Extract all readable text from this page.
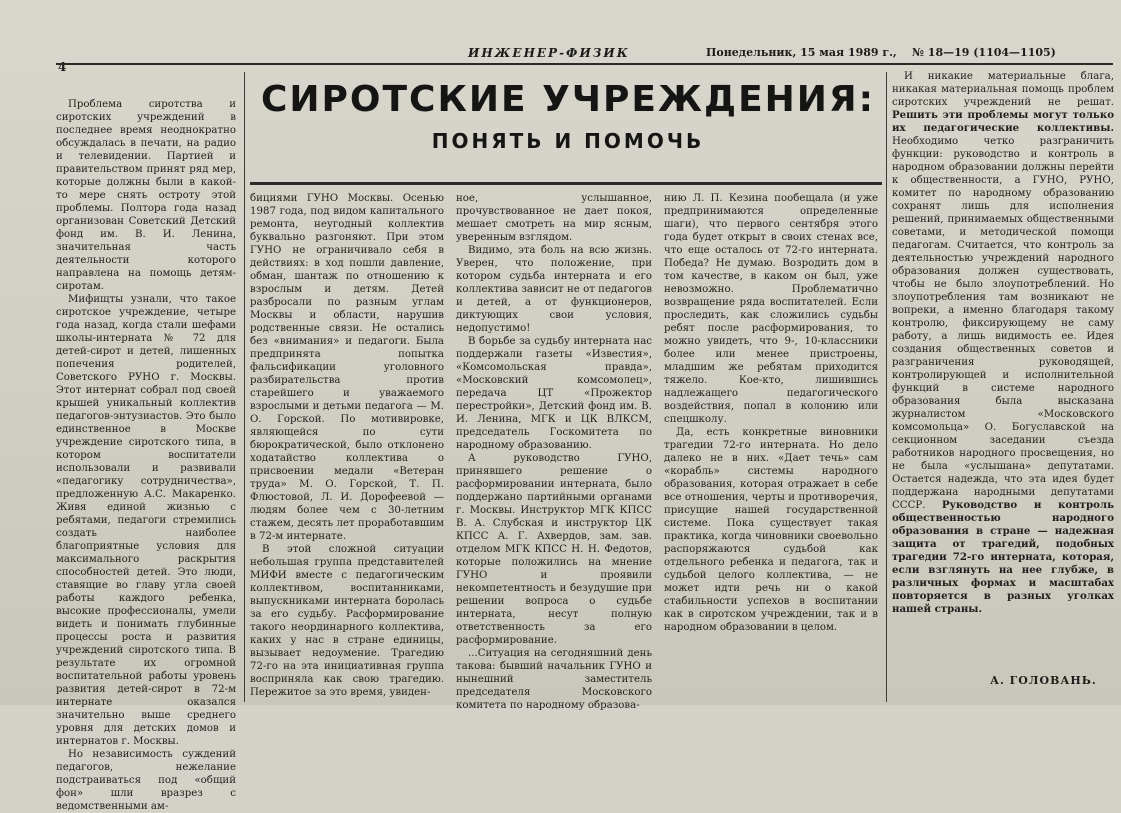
4
ИНЖЕНЕР-ФИЗИК	Понедельник, 15 мая 1989 г., № 18—19 (1104—1105)
СИРОТСКИЕ УЧРЕЖДЕНИЯ:
ПОНЯТЬ И ПОМОЧЬ

Проблема сиротства и сиротских учреждений в последнее время неоднократно обсуждалась в печати, на радио и телевидении. Партией и правительством принят ряд мер, которые должны были в какой-то мере снять остроту этой проблемы. Полтора года назад организован Советский Детский фонд им. В. И. Ленина, значительная часть деятельности которого направлена на помощь детям-сиротам.

Мифищты узнали, что такое сиротское учреждение, четыре года назад, когда стали шефами школы-интерната № 72 для детей-сирот и детей, лишенных попечения родителей, Советского РУНО г. Москвы. Этот интернат собрал под своей крышей уникальный коллектив педагогов-энтузиастов. Это было единственное в Москве учреждение сиротского типа, в котором воспитатели использовали и развивали «педагогику сотрудничества», предложенную А.С. Макаренко. Живя единой жизнью с ребятами, педагоги стремились создать наиболее благоприятные условия для максимального раскрытия способностей детей. Это люди, ставящие во главу угла своей работы каждого ребенка, высокие профессионалы, умели видеть и понимать глубинные процессы роста и развития учреждений сиротского типа. В результате их огромной воспитательной работы уровень развития детей-сирот в 72-м интернате оказался значительно выше среднего уровня для детских домов и интернатов г. Москвы.

Но независимость суждений педагогов, нежелание подстраиваться под «общий фон» шли вразрез с ведомственными ам-

бициями ГУНО Москвы. Осенью 1987 года, под видом капитального ремонта, неугодный коллектив буквально разгоняют. При этом ГУНО не ограничивало себя в действиях: в ход пошли давление, обман, шантаж по отношению к взрослым и детям. Детей разбросали по разным углам Москвы и области, нарушив родственные связи. Не остались без «внимания» и педагоги. Была предпринята попытка фальсификации уголовного разбирательства против старейшего и уважаемого взрослыми и детьми педагога — М. О. Горской. По мотивировке, являющейся по сути бюрократической, было отклонено ходатайство коллектива о присвоении медали «Ветеран труда» М. О. Горской, Т. П. Флюстовой, Л. И. Дорофеевой — людям более чем с 30-летним стажем, десять лет проработавшим в 72-м интернате.

В этой сложной ситуации небольшая группа представителей МИФИ вместе с педагогическим коллективом, воспитанниками, выпускниками интерната боролась за его судьбу. Расформирование такого неординарного коллектива, каких у нас в стране единицы, вызывает недоумение. Трагедию 72-го на эта инициативная группа восприняла как свою трагедию. Пережитое за это время, увиден-

ное, услышанное, прочувствованное не дает покоя, мешает смотреть на мир ясным, уверенным взглядом.

Видимо, эта боль на всю жизнь. Уверен, что положение, при котором судьба интерната и его коллектива зависит не от педагогов и детей, а от функционеров, диктующих свои условия, недопустимо!

В борьбе за судьбу интерната нас поддержали газеты «Известия», «Комсомольская правда», «Московский комсомолец», передача ЦТ «Прожектор перестройки», Детский фонд им. В. И. Ленина, МГК и ЦК ВЛКСМ, председатель Госкомитета по народному образованию.

А руководство ГУНО, принявшего решение о расформировании интерната, было поддержано партийными органами г. Москвы. Инструктор МГК КПСС В. А. Слубская и инструктор ЦК КПСС А. Г. Ахвердов, зам. зав. отделом МГК КПСС Н. Н. Федотов, которые положились на мнение ГУНО и проявили некомпетентность и безудушие при решении вопроса о судьбе интерната, несут полную ответственность за его расформирование.

...Ситуация на сегодняшний день такова: бывший начальник ГУНО и нынешний заместитель председателя Московского комитета по народному образова-

нию Л. П. Кезина пообещала (и уже предпринимаются определенные шаги), что первого сентября этого года будет открыт в своих стенах все, что еще осталось от 72-го интерната. Победа? Не думаю. Возродить дом в том качестве, в каком он был, уже невозможно. Проблематично возвращение ряда воспитателей. Если проследить, как сложились судьбы ребят после расформирования, то можно увидеть, что 9-, 10-классники более или менее пристроены, младшим же ребятам приходится тяжело. Кое-кто, лишившись надлежащего педагогического воздействия, попал в колонию или спецшколу.

Да, есть конкретные виновники трагедии 72-го интерната. Но дело далеко не в них. «Дает течь» сам «корабль» системы народного образования, которая отражает в себе все отношения, черты и противоречия, присущие нашей государственной системе. Пока существует такая практика, когда чиновники своевольно распоряжаются судьбой как отдельного ребенка и педагога, так и судьбой целого коллектива, — не может идти речь ни о какой стабильности успехов в воспитании как в сиротском учреждении, так и в народном образовании в целом.

И никакие материальные блага, никакая материальная помощь проблем сиротских учреждений не решат. Решить эти проблемы могут только их педагогические коллективы. Необходимо четко разграничить функции: руководство и контроль в народном образовании должны перейти к общественности, а ГУНО, РУНО, комитет по народному образованию сохранят лишь для исполнения решений, принимаемых общественными советами, и методической помощи педагогам. Считается, что контроль за деятельностью учреждений народного образования должен существовать, чтобы не было злоупотреблений. Но злоупотребления там возникают не вопреки, а именно благодаря такому контролю, фиксирующему не саму работу, а лишь видимость ее. Идея создания общественных советов и разграничения руководящей, контролирующей и исполнительной функций в системе народного образования была высказана журналистом «Московского комсомольца» О. Богуславской на секционном заседании съезда работников народного просвещения, но не была «услышана» депутатами. Остается надежда, что эта идея будет поддержана народными депутатами СССР. Руководство и контроль общественностью народного образования в стране — надежная защита от трагедий, подобных трагедии 72-го интерната, которая, если взглянуть на нее глубже, в различных формах и масштабах повторяется в разных уголках нашей страны.

А. ГОЛОВАНЬ.
